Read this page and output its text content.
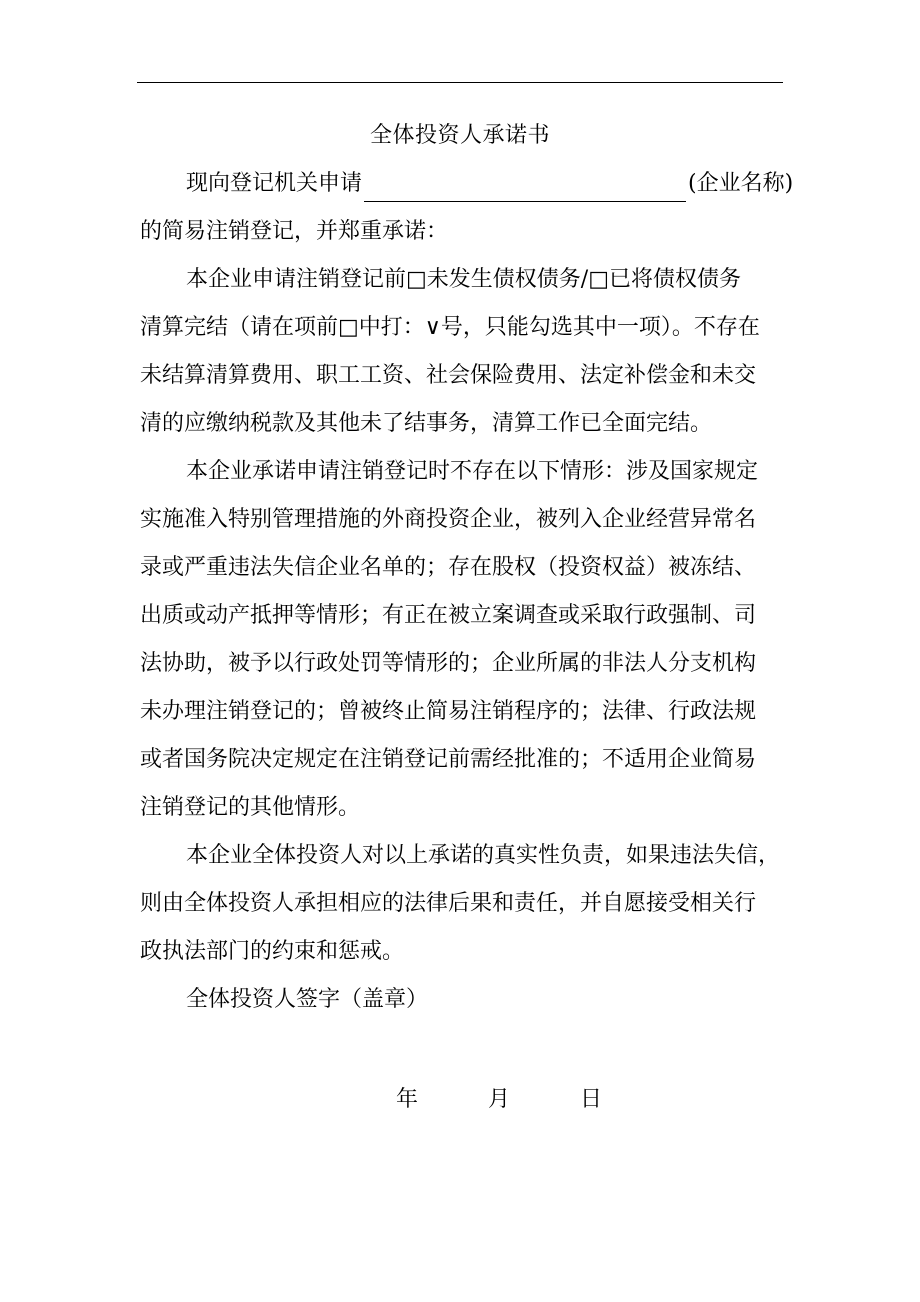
全体投资人承诺书
现向登记机关申请	(企业名称)
的简易注销登记，并郑重承诺：
本企业申请注销登记前□未发生债权债务/□已将债权债务
清算完结（请在项前□中打：∨号，只能勾选其中一项）。不存在
未结算清算费用、职工工资、社会保险费用、法定补偿金和未交
清的应缴纳税款及其他未了结事务，清算工作已全面完结。
本企业承诺申请注销登记时不存在以下情形：涉及国家规定
实施准入特别管理措施的外商投资企业，被列入企业经营异常名
录或严重违法失信企业名单的；存在股权（投资权益）被冻结、
出质或动产抵押等情形；有正在被立案调查或采取行政强制、司
法协助，被予以行政处罚等情形的；企业所属的非法人分支机构
未办理注销登记的；曾被终止简易注销程序的；法律、行政法规
或者国务院决定规定在注销登记前需经批准的；不适用企业简易
注销登记的其他情形。
本企业全体投资人对以上承诺的真实性负责，如果违法失信，
则由全体投资人承担相应的法律后果和责任，并自愿接受相关行
政执法部门的约束和惩戒。
全体投资人签字（盖章）
年	月	日
